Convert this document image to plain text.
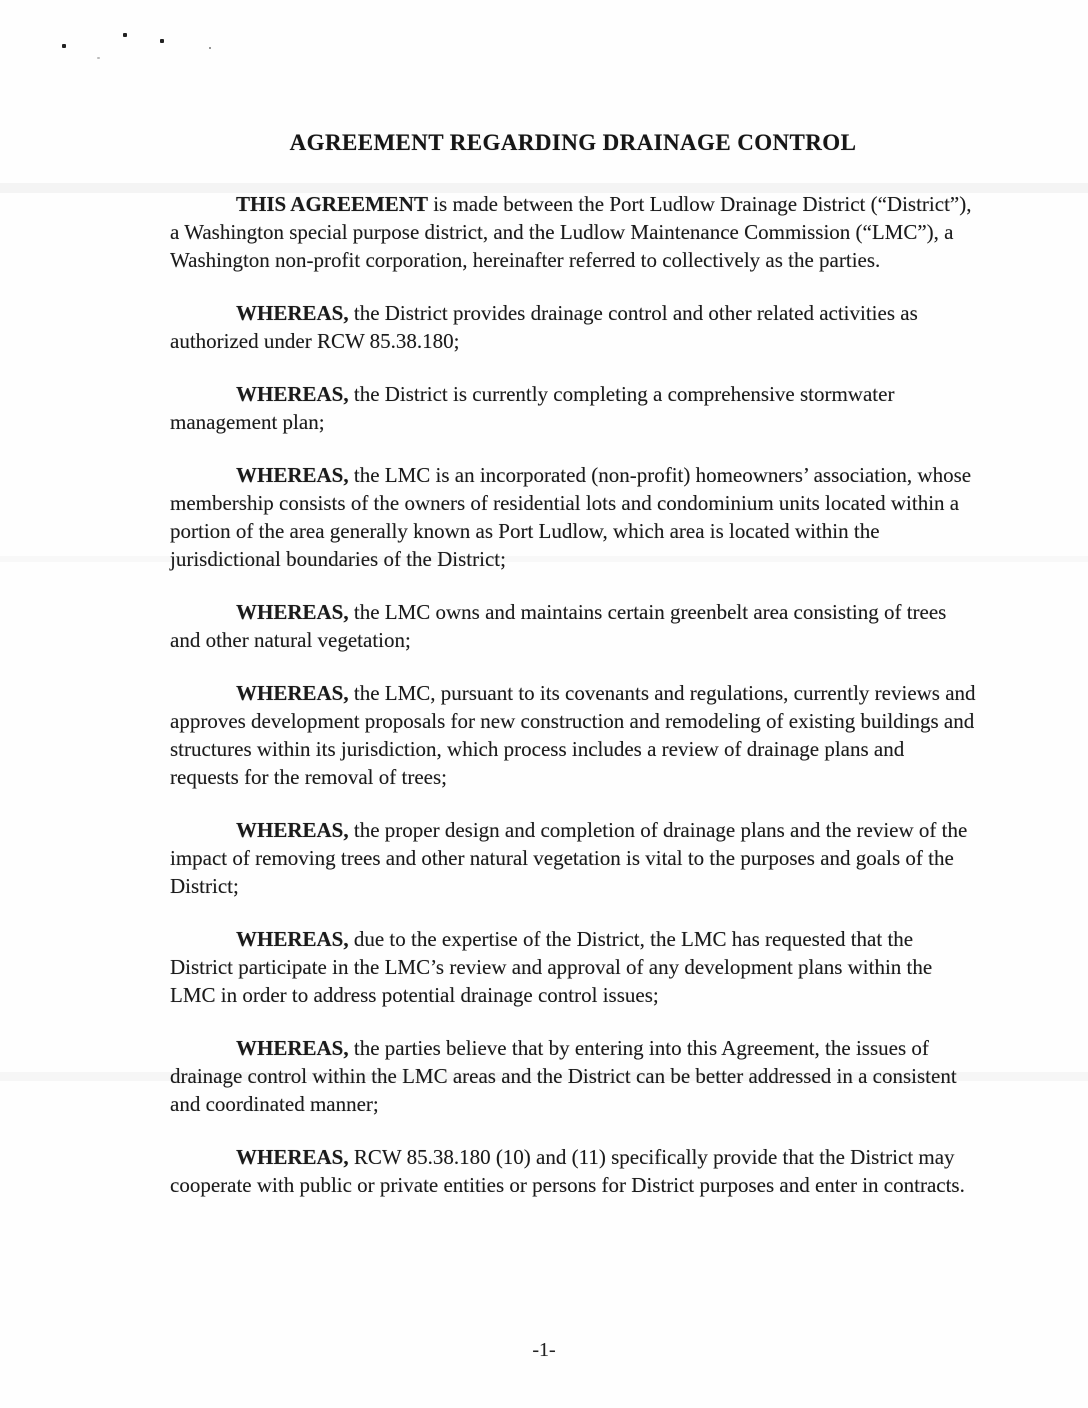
AGREEMENT REGARDING DRAINAGE CONTROL

THIS AGREEMENT is made between the Port Ludlow Drainage District (“District”), a Washington special purpose district, and the Ludlow Maintenance Commission (“LMC”), a Washington non-profit corporation, hereinafter referred to collectively as the parties.

WHEREAS, the District provides drainage control and other related activities as authorized under RCW 85.38.180;

WHEREAS, the District is currently completing a comprehensive stormwater management plan;

WHEREAS, the LMC is an incorporated (non-profit) homeowners’ association, whose membership consists of the owners of residential lots and condominium units located within a portion of the area generally known as Port Ludlow, which area is located within the jurisdictional boundaries of the District;

WHEREAS, the LMC owns and maintains certain greenbelt area consisting of trees and other natural vegetation;

WHEREAS, the LMC, pursuant to its covenants and regulations, currently reviews and approves development proposals for new construction and remodeling of existing buildings and structures within its jurisdiction, which process includes a review of drainage plans and requests for the removal of trees;

WHEREAS, the proper design and completion of drainage plans and the review of the impact of removing trees and other natural vegetation is vital to the purposes and goals of the District;

WHEREAS, due to the expertise of the District, the LMC has requested that the District participate in the LMC’s review and approval of any development plans within the LMC in order to address potential drainage control issues;

WHEREAS, the parties believe that by entering into this Agreement, the issues of drainage control within the LMC areas and the District can be better addressed in a consistent and coordinated manner;

WHEREAS, RCW 85.38.180 (10) and (11) specifically provide that the District may cooperate with public or private entities or persons for District purposes and enter in contracts.

-1-
